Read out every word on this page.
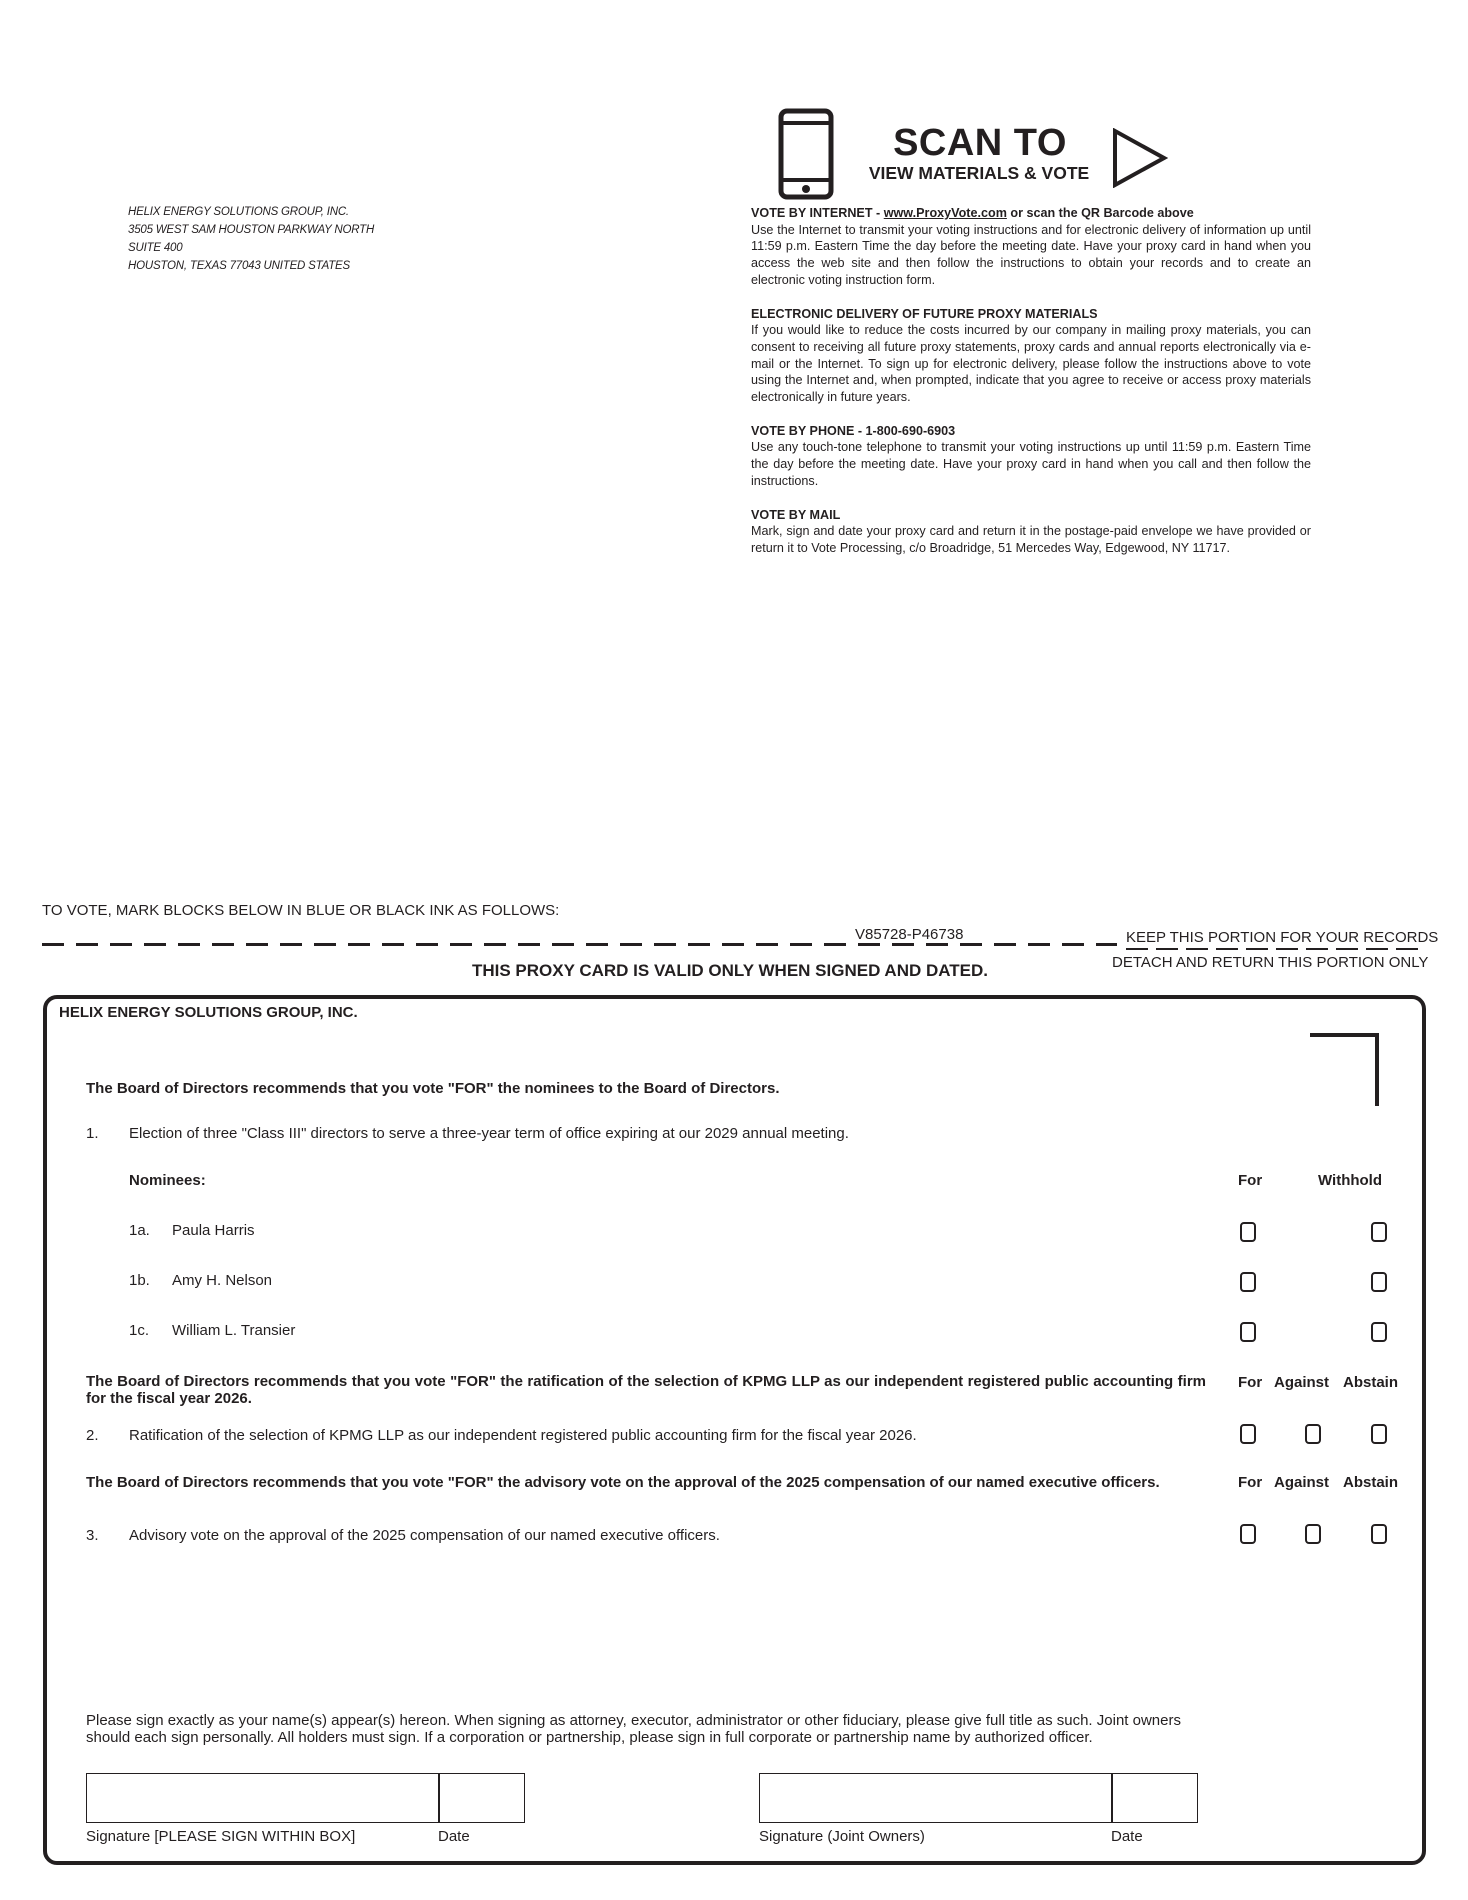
HELIX ENERGY SOLUTIONS GROUP, INC.
3505 WEST SAM HOUSTON PARKWAY NORTH
SUITE 400
HOUSTON, TEXAS 77043 UNITED STATES
SCAN TO
VIEW MATERIALS & VOTE
VOTE BY INTERNET - www.ProxyVote.com or scan the QR Barcode above
Use the Internet to transmit your voting instructions and for electronic delivery of information up until 11:59 p.m. Eastern Time the day before the meeting date. Have your proxy card in hand when you access the web site and then follow the instructions to obtain your records and to create an electronic voting instruction form.
ELECTRONIC DELIVERY OF FUTURE PROXY MATERIALS
If you would like to reduce the costs incurred by our company in mailing proxy materials, you can consent to receiving all future proxy statements, proxy cards and annual reports electronically via e-mail or the Internet. To sign up for electronic delivery, please follow the instructions above to vote using the Internet and, when prompted, indicate that you agree to receive or access proxy materials electronically in future years.
VOTE BY PHONE - 1-800-690-6903
Use any touch-tone telephone to transmit your voting instructions up until 11:59 p.m. Eastern Time the day before the meeting date. Have your proxy card in hand when you call and then follow the instructions.
VOTE BY MAIL
Mark, sign and date your proxy card and return it in the postage-paid envelope we have provided or return it to Vote Processing, c/o Broadridge, 51 Mercedes Way, Edgewood, NY 11717.
TO VOTE, MARK BLOCKS BELOW IN BLUE OR BLACK INK AS FOLLOWS:
V85728-P46738	KEEP THIS PORTION FOR YOUR RECORDS
DETACH AND RETURN THIS PORTION ONLY
THIS PROXY CARD IS VALID ONLY WHEN SIGNED AND DATED.
HELIX ENERGY SOLUTIONS GROUP, INC.
The Board of Directors recommends that you vote "FOR" the nominees to the Board of Directors.
1. Election of three "Class III" directors to serve a three-year term of office expiring at our 2029 annual meeting.
Nominees:	For	Withhold
1a. Paula Harris
1b. Amy H. Nelson
1c. William L. Transier
The Board of Directors recommends that you vote "FOR" the ratification of the selection of KPMG LLP as our independent registered public accounting firm for the fiscal year 2026.
For Against Abstain
2. Ratification of the selection of KPMG LLP as our independent registered public accounting firm for the fiscal year 2026.
The Board of Directors recommends that you vote "FOR" the advisory vote on the approval of the 2025 compensation of our named executive officers.	For Against Abstain
3. Advisory vote on the approval of the 2025 compensation of our named executive officers.
Please sign exactly as your name(s) appear(s) hereon. When signing as attorney, executor, administrator or other fiduciary, please give full title as such. Joint owners should each sign personally. All holders must sign. If a corporation or partnership, please sign in full corporate or partnership name by authorized officer.
Signature [PLEASE SIGN WITHIN BOX]	Date	Signature (Joint Owners)	Date
